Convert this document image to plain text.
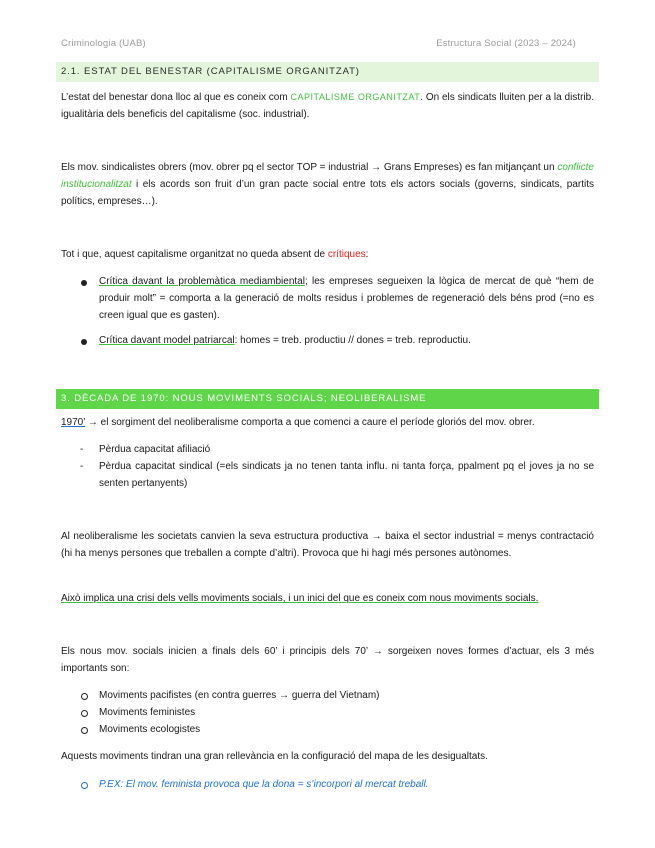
Criminologia (UAB)	Estructura Social (2023 – 2024)
2.1. ESTAT DEL BENESTAR (CAPITALISME ORGANITZAT)
L’estat del benestar dona lloc al que es coneix com CAPITALISME ORGANITZAT. On els sindicats lluiten per a la distrib. igualitària dels beneficis del capitalisme (soc. industrial).
Els mov. sindicalistes obrers (mov. obrer pq el sector TOP = industrial → Grans Empreses) es fan mitjançant un conflicte institucionalitzat i els acords son fruit d’un gran pacte social entre tots els actors socials (governs, sindicats, partits polítics, empreses…).
Tot i que, aquest capitalisme organitzat no queda absent de crítiques:
Crítica davant la problemàtica mediambiental; les empreses segueixen la lògica de mercat de què “hem de produir molt” = comporta a la generació de molts residus i problemes de regeneració dels béns prod (=no es creen igual que es gasten).
Crítica davant model patriarcal: homes = treb. productiu // dones = treb. reproductiu.
3. DÈCADA DE 1970: NOUS MOVIMENTS SOCIALS; NEOLIBERALISME
1970’ → el sorgiment del neoliberalisme comporta a que comenci a caure el període gloriós del mov. obrer.
- Pèrdua capacitat afiliació
- Pèrdua capacitat sindical (=els sindicats ja no tenen tanta influ. ni tanta força, ppalment pq el joves ja no se senten pertanyents)
Al neoliberalisme les societats canvien la seva estructura productiva → baixa el sector industrial = menys contractació (hi ha menys persones que treballen a compte d’altri). Provoca que hi hagi més persones autònomes.
Això implica una crisi dels vells moviments socials, i un inici del que es coneix com nous moviments socials.
Els nous mov. socials inicien a finals dels 60’ i principis dels 70’ → sorgeixen noves formes d’actuar, els 3 més importants son:
Moviments pacifistes (en contra guerres → guerra del Vietnam)
Moviments feministes
Moviments ecologistes
Aquests moviments tindran una gran rellevància en la configuració del mapa de les desigualtats.
P.EX: El mov. feminista provoca que la dona = s’incorpori al mercat treball.
